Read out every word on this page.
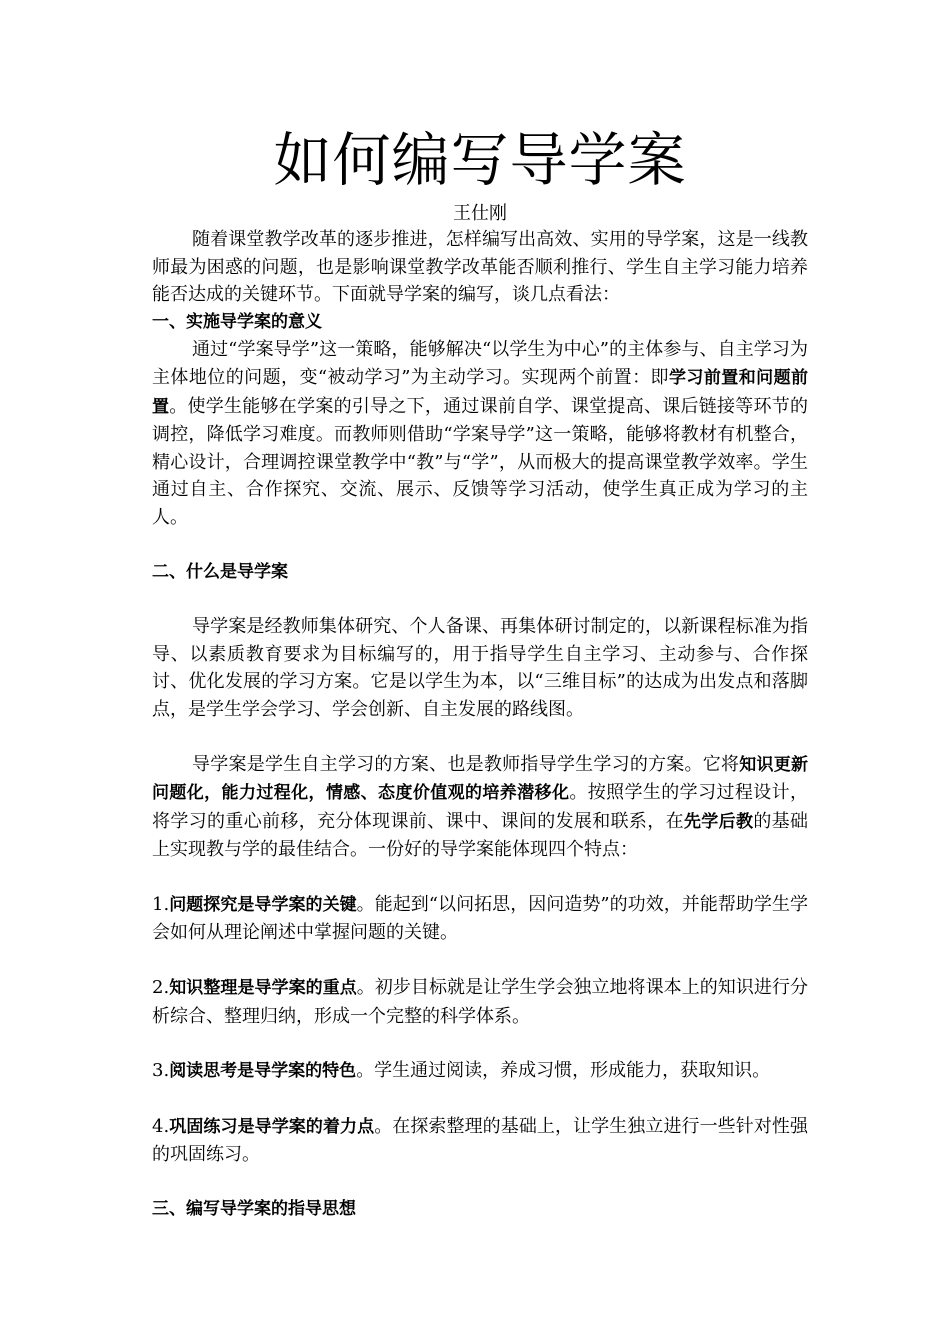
如何编写导学案

王仕刚

随着课堂教学改革的逐步推进，怎样编写出高效、实用的导学案，这是一线教师最为困惑的问题，也是影响课堂教学改革能否顺利推行、学生自主学习能力培养能否达成的关键环节。下面就导学案的编写，谈几点看法：

一、实施导学案的意义

通过“学案导学”这一策略，能够解决“以学生为中心”的主体参与、自主学习为主体地位的问题，变“被动学习”为主动学习。实现两个前置：即学习前置和问题前置。使学生能够在学案的引导之下，通过课前自学、课堂提高、课后链接等环节的调控，降低学习难度。而教师则借助“学案导学”这一策略，能够将教材有机整合，精心设计，合理调控课堂教学中“教”与“学”，从而极大的提高课堂教学效率。学生通过自主、合作探究、交流、展示、反馈等学习活动，使学生真正成为学习的主人。

二、什么是导学案

导学案是经教师集体研究、个人备课、再集体研讨制定的，以新课程标准为指导、以素质教育要求为目标编写的，用于指导学生自主学习、主动参与、合作探讨、优化发展的学习方案。它是以学生为本，以“三维目标”的达成为出发点和落脚点，是学生学会学习、学会创新、自主发展的路线图。

导学案是学生自主学习的方案、也是教师指导学生学习的方案。它将知识更新问题化，能力过程化，情感、态度价值观的培养潜移化。按照学生的学习过程设计，将学习的重心前移，充分体现课前、课中、课间的发展和联系，在先学后教的基础上实现教与学的最佳结合。一份好的导学案能体现四个特点：

1.问题探究是导学案的关键。能起到“以问拓思，因问造势”的功效，并能帮助学生学会如何从理论阐述中掌握问题的关键。

2.知识整理是导学案的重点。初步目标就是让学生学会独立地将课本上的知识进行分析综合、整理归纳，形成一个完整的科学体系。

3.阅读思考是导学案的特色。学生通过阅读，养成习惯，形成能力，获取知识。

4.巩固练习是导学案的着力点。在探索整理的基础上，让学生独立进行一些针对性强的巩固练习。

三、编写导学案的指导思想
